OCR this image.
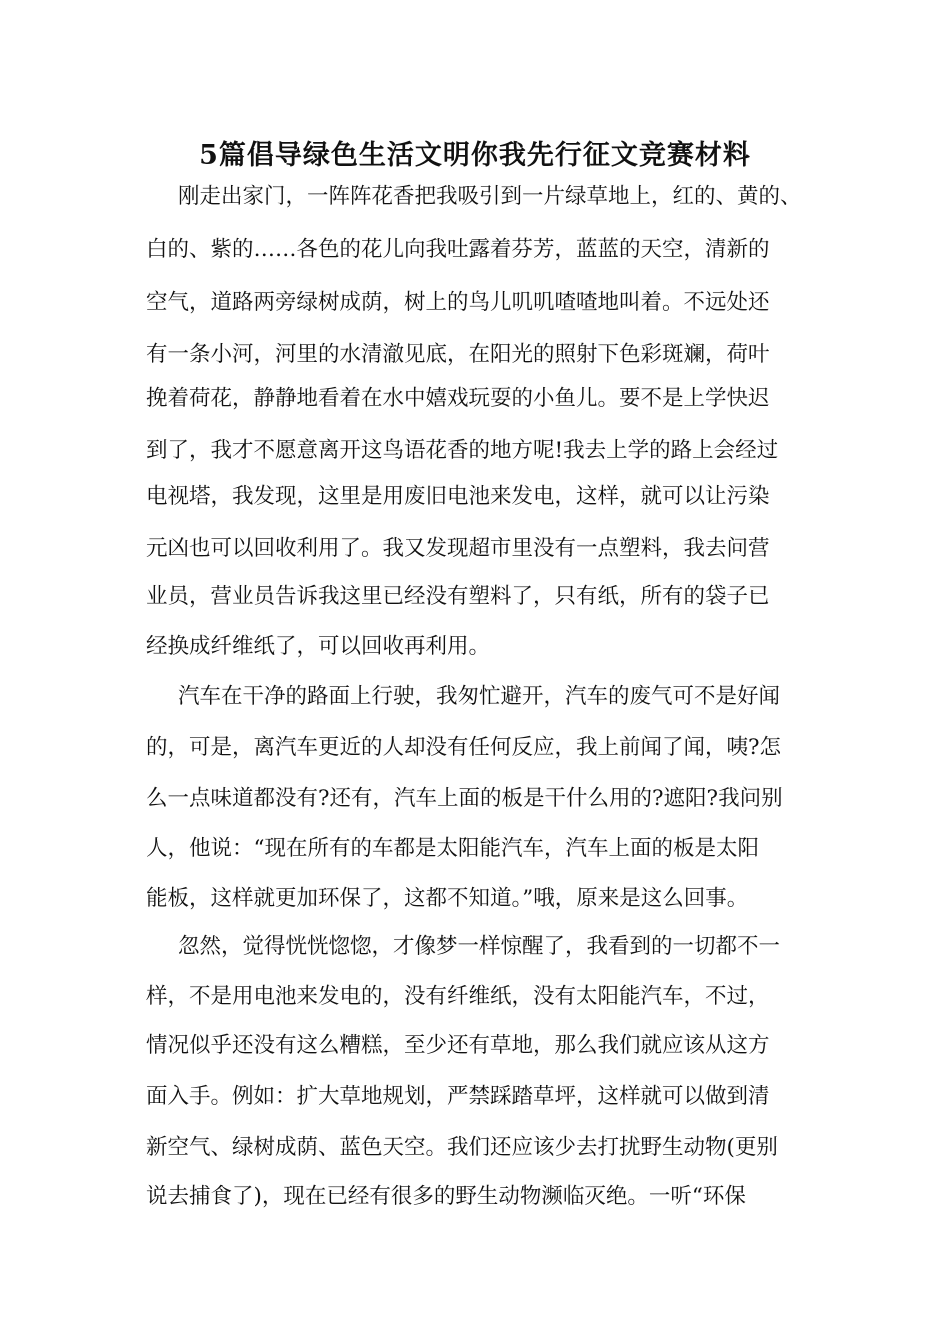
5篇倡导绿色生活文明你我先行征文竞赛材料

刚走出家门，一阵阵花香把我吸引到一片绿草地上，红的、黄的、

白的、紫的……各色的花儿向我吐露着芬芳，蓝蓝的天空，清新的

空气，道路两旁绿树成荫，树上的鸟儿叽叽喳喳地叫着。不远处还

有一条小河，河里的水清澈见底，在阳光的照射下色彩斑斓，荷叶

挽着荷花，静静地看着在水中嬉戏玩耍的小鱼儿。要不是上学快迟

到了，我才不愿意离开这鸟语花香的地方呢!我去上学的路上会经过

电视塔，我发现，这里是用废旧电池来发电，这样，就可以让污染

元凶也可以回收利用了。我又发现超市里没有一点塑料，我去问营

业员，营业员告诉我这里已经没有塑料了，只有纸，所有的袋子已

经换成纤维纸了，可以回收再利用。

汽车在干净的路面上行驶，我匆忙避开，汽车的废气可不是好闻

的，可是，离汽车更近的人却没有任何反应，我上前闻了闻，咦?怎

么一点味道都没有?还有，汽车上面的板是干什么用的?遮阳?我问别

人，他说：“现在所有的车都是太阳能汽车，汽车上面的板是太阳

能板，这样就更加环保了，这都不知道。”哦，原来是这么回事。

忽然，觉得恍恍惚惚，才像梦一样惊醒了，我看到的一切都不一

样，不是用电池来发电的，没有纤维纸，没有太阳能汽车，不过，

情况似乎还没有这么糟糕，至少还有草地，那么我们就应该从这方

面入手。例如：扩大草地规划，严禁踩踏草坪，这样就可以做到清

新空气、绿树成荫、蓝色天空。我们还应该少去打扰野生动物(更别

说去捕食了)，现在已经有很多的野生动物濒临灭绝。一听“环保
